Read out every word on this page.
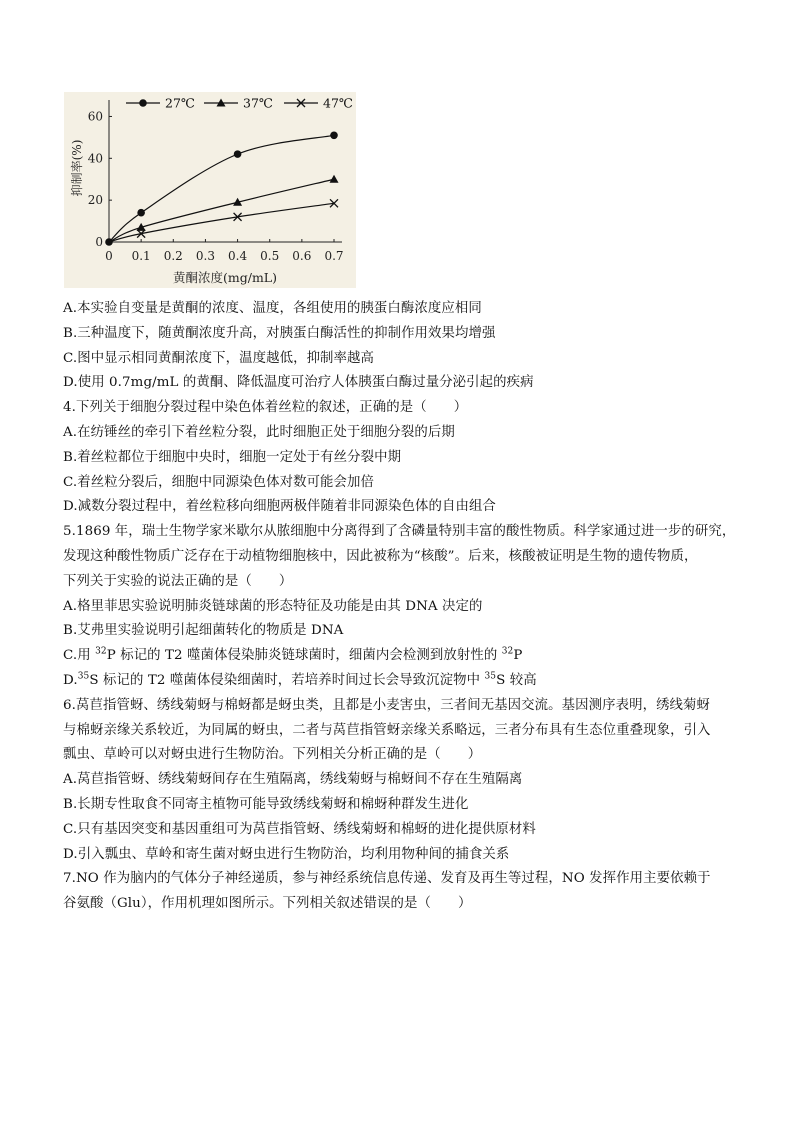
0 0.1 0.2 0.3 0.4 0.5 0.6 0.7
0
20
40
60
27℃	37℃	47℃
抑制率(%)
黄酮浓度(mg/mL)
A.本实验自变量是黄酮的浓度、温度，各组使用的胰蛋白酶浓度应相同
B.三种温度下，随黄酮浓度升高，对胰蛋白酶活性的抑制作用效果均增强
C.图中显示相同黄酮浓度下，温度越低，抑制率越高
D.使用 0.7mg/mL 的黄酮、降低温度可治疗人体胰蛋白酶过量分泌引起的疾病
4.下列关于细胞分裂过程中染色体着丝粒的叙述，正确的是（　　）
A.在纺锤丝的牵引下着丝粒分裂，此时细胞正处于细胞分裂的后期
B.着丝粒都位于细胞中央时，细胞一定处于有丝分裂中期
C.着丝粒分裂后，细胞中同源染色体对数可能会加倍
D.减数分裂过程中，着丝粒移向细胞两极伴随着非同源染色体的自由组合
5.1869 年，瑞士生物学家米歇尔从脓细胞中分离得到了含磷量特别丰富的酸性物质。科学家通过进一步的研究，
发现这种酸性物质广泛存在于动植物细胞核中，因此被称为“核酸”。后来，核酸被证明是生物的遗传物质，
下列关于实验的说法正确的是（　　）
A.格里菲思实验说明肺炎链球菌的形态特征及功能是由其 DNA 决定的
B.艾弗里实验说明引起细菌转化的物质是 DNA
C.用 $^{32}$P 标记的 T2 噬菌体侵染肺炎链球菌时，细菌内会检测到放射性的 $^{32}$P
D.$^{35}$S 标记的 T2 噬菌体侵染细菌时，若培养时间过长会导致沉淀物中 $^{35}$S 较高
6.莴苣指管蚜、绣线菊蚜与棉蚜都是蚜虫类，且都是小麦害虫，三者间无基因交流。基因测序表明，绣线菊蚜
与棉蚜亲缘关系较近，为同属的蚜虫，二者与莴苣指管蚜亲缘关系略远，三者分布具有生态位重叠现象，引入
瓢虫、草岭可以对蚜虫进行生物防治。下列相关分析正确的是（　　）
A.莴苣指管蚜、绣线菊蚜间存在生殖隔离，绣线菊蚜与棉蚜间不存在生殖隔离
B.长期专性取食不同寄主植物可能导致绣线菊蚜和棉蚜种群发生进化
C.只有基因突变和基因重组可为莴苣指管蚜、绣线菊蚜和棉蚜的进化提供原材料
D.引入瓢虫、草岭和寄生菌对蚜虫进行生物防治，均利用物种间的捕食关系
7.NO 作为脑内的气体分子神经递质，参与神经系统信息传递、发育及再生等过程，NO 发挥作用主要依赖于
谷氨酸（Glu），作用机理如图所示。下列相关叙述错误的是（　　）
